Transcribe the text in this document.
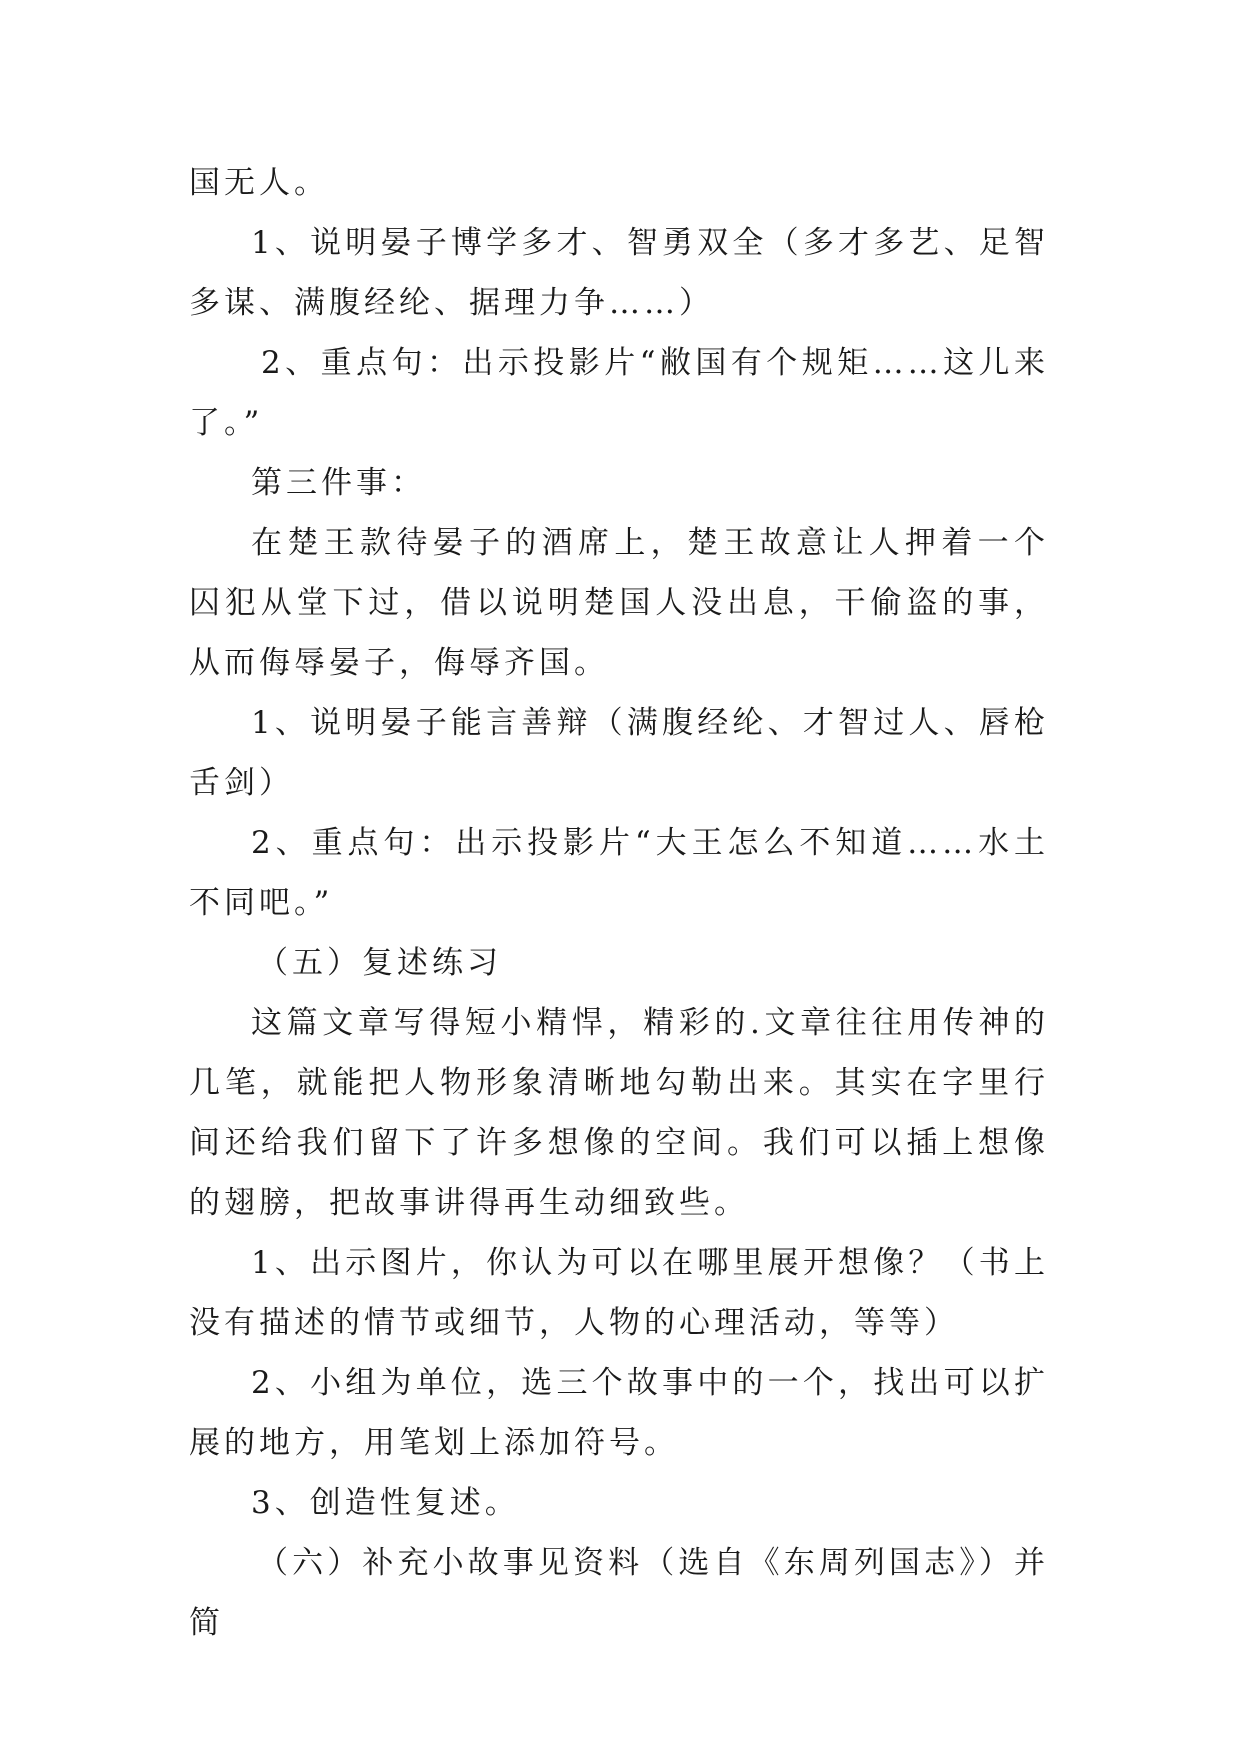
国无人。

1、说明晏子博学多才、智勇双全（多才多艺、足智多谋、满腹经纶、据理力争……）

2、重点句：出示投影片“敝国有个规矩……这儿来了。”

第三件事：

在楚王款待晏子的酒席上，楚王故意让人押着一个囚犯从堂下过，借以说明楚国人没出息，干偷盗的事，从而侮辱晏子，侮辱齐国。

1、说明晏子能言善辩（满腹经纶、才智过人、唇枪舌剑）

2、重点句：出示投影片“大王怎么不知道……水土不同吧。”

（五）复述练习

这篇文章写得短小精悍，精彩的.文章往往用传神的几笔，就能把人物形象清晰地勾勒出来。其实在字里行间还给我们留下了许多想像的空间。我们可以插上想像的翅膀，把故事讲得再生动细致些。

1、出示图片，你认为可以在哪里展开想像？（书上没有描述的情节或细节，人物的心理活动，等等）

2、小组为单位，选三个故事中的一个，找出可以扩展的地方，用笔划上添加符号。

3、创造性复述。

（六）补充小故事见资料（选自《东周列国志》）并简
